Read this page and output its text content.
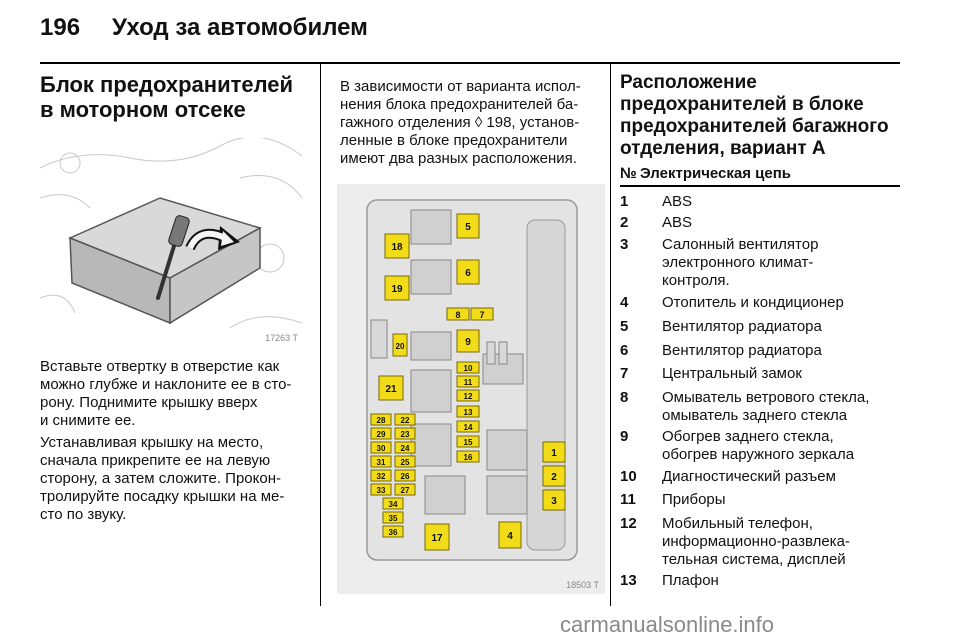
196 Уход за автомобилем
Блок предохранителей
в моторном отсеке
17263 T
Вставьте отвертку в отверстие как
можно глубже и наклоните ее в сто-
рону. Поднимите крышку вверх
и снимите ее.
Устанавливая крышку на место,
сначала прикрепите ее на левую
сторону, а затем сложите. Прокон-
тролируйте посадку крышки на ме-
сто по звуку.
В зависимости от варианта испол-
нения блока предохранителей ба-
гажного отделения ◊ 198, установ-
ленные в блоке предохранители
имеют два разных расположения.
18
19
5
6
8 7
20	9
21
10
11
12
13
14
15
16
28 22
29 23
30 24
31 25
32 26
33 27
34
35
36
17	4
1
2
3
18503 T
Расположение
предохранителей в блоке
предохранителей багажного
отделения, вариант A
№ Электрическая цепь
1	ABS
2	ABS
3	Салонный вентилятор
электронного климат-
контроля.
4	Отопитель и кондиционер
5	Вентилятор радиатора
6	Вентилятор радиатора
7	Центральный замок
8	Омыватель ветрового стекла,
омыватель заднего стекла
9	Обогрев заднего стекла,
обогрев наружного зеркала
10	Диагностический разъем
11	Приборы
12	Мобильный телефон,
информационно-развлека-
тельная система, дисплей
13	Плафон
carmanualsonline.info
